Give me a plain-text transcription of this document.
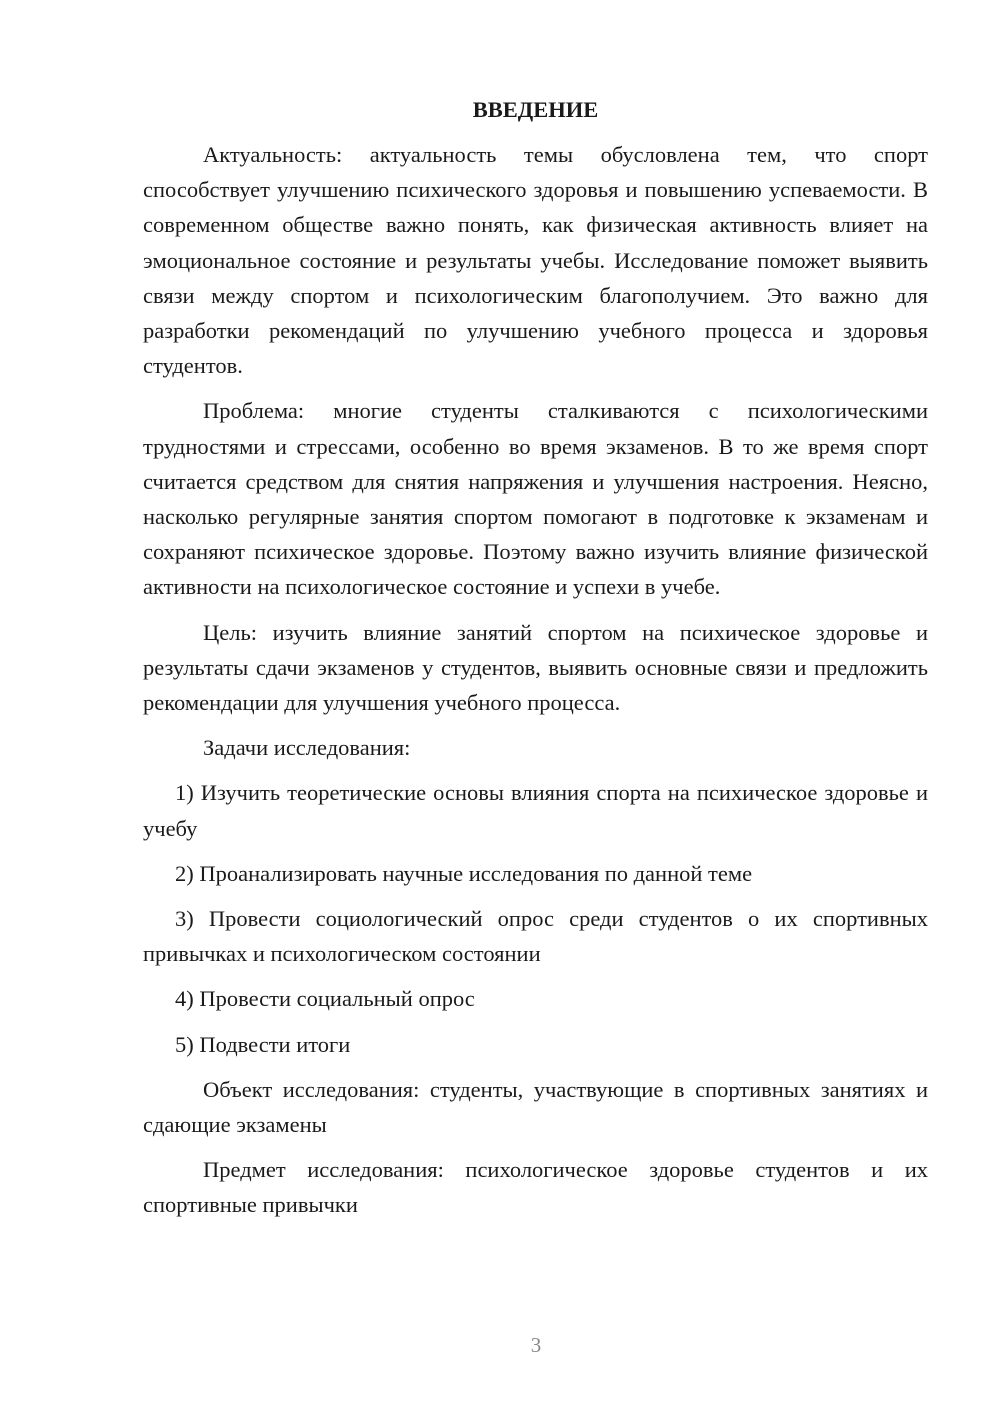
ВВЕДЕНИЕ

Актуальность: актуальность темы обусловлена тем, что спорт способствует улучшению психического здоровья и повышению успеваемости. В современном обществе важно понять, как физическая активность влияет на эмоциональное состояние и результаты учебы. Исследование поможет выявить связи между спортом и психологическим благополучием. Это важно для разработки рекомендаций по улучшению учебного процесса и здоровья студентов.

Проблема: многие студенты сталкиваются с психологическими трудностями и стрессами, особенно во время экзаменов. В то же время спорт считается средством для снятия напряжения и улучшения настроения. Неясно, насколько регулярные занятия спортом помогают в подготовке к экзаменам и сохраняют психическое здоровье. Поэтому важно изучить влияние физической активности на психологическое состояние и успехи в учебе.

Цель: изучить влияние занятий спортом на психическое здоровье и результаты сдачи экзаменов у студентов, выявить основные связи и предложить рекомендации для улучшения учебного процесса.

Задачи исследования:

1) Изучить теоретические основы влияния спорта на психическое здоровье и учебу

2) Проанализировать научные исследования по данной теме

3) Провести социологический опрос среди студентов о их спортивных привычках и психологическом состоянии

4) Провести социальный опрос

5) Подвести итоги

Объект исследования: студенты, участвующие в спортивных занятиях и сдающие экзамены

Предмет исследования: психологическое здоровье студентов и их спортивные привычки

3
